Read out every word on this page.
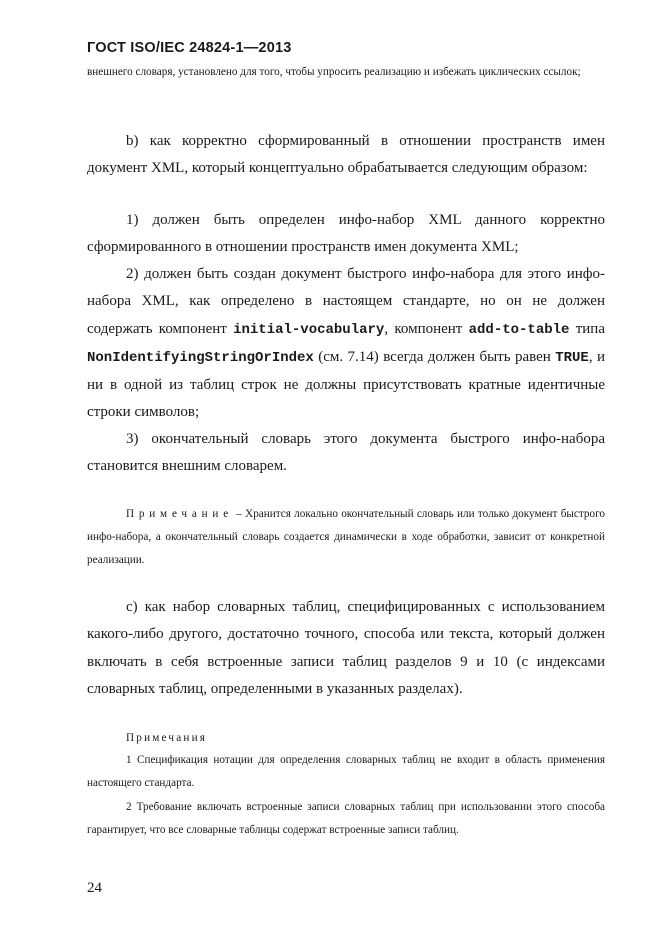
ГОСТ ISO/IEC 24824-1—2013

внешнего словаря, установлено для того, чтобы упросить реализацию и избежать циклических ссылок;

b) как корректно сформированный в отношении пространств имен документ XML, который концептуально обрабатывается следующим образом:

1) должен быть определен инфо-набор XML данного корректно сформированного в отношении пространств имен документа XML;

2) должен быть создан документ быстрого инфо-набора для этого инфо-набора XML, как определено в настоящем стандарте, но он не должен содержать компонент initial-vocabulary, компонент add-to-table типа NonIdentifyingStringOrIndex (см. 7.14) всегда должен быть равен TRUE, и ни в одной из таблиц строк не должны присутствовать кратные идентичные строки символов;

3) окончательный словарь этого документа быстрого инфо-набора становится внешним словарем.

Примечание – Хранится локально окончательный словарь или только документ быстрого инфо-набора, а окончательный словарь создается динамически в ходе обработки, зависит от конкретной реализации.

c) как набор словарных таблиц, специфицированных с использованием какого-либо другого, достаточно точного, способа или текста, который должен включать в себя встроенные записи таблиц разделов 9 и 10 (с индексами словарных таблиц, определенными в указанных разделах).

Примечания

1 Спецификация нотации для определения словарных таблиц не входит в область применения настоящего стандарта.

2 Требование включать встроенные записи словарных таблиц при использовании этого способа гарантирует, что все словарные таблицы содержат встроенные записи таблиц.

24
